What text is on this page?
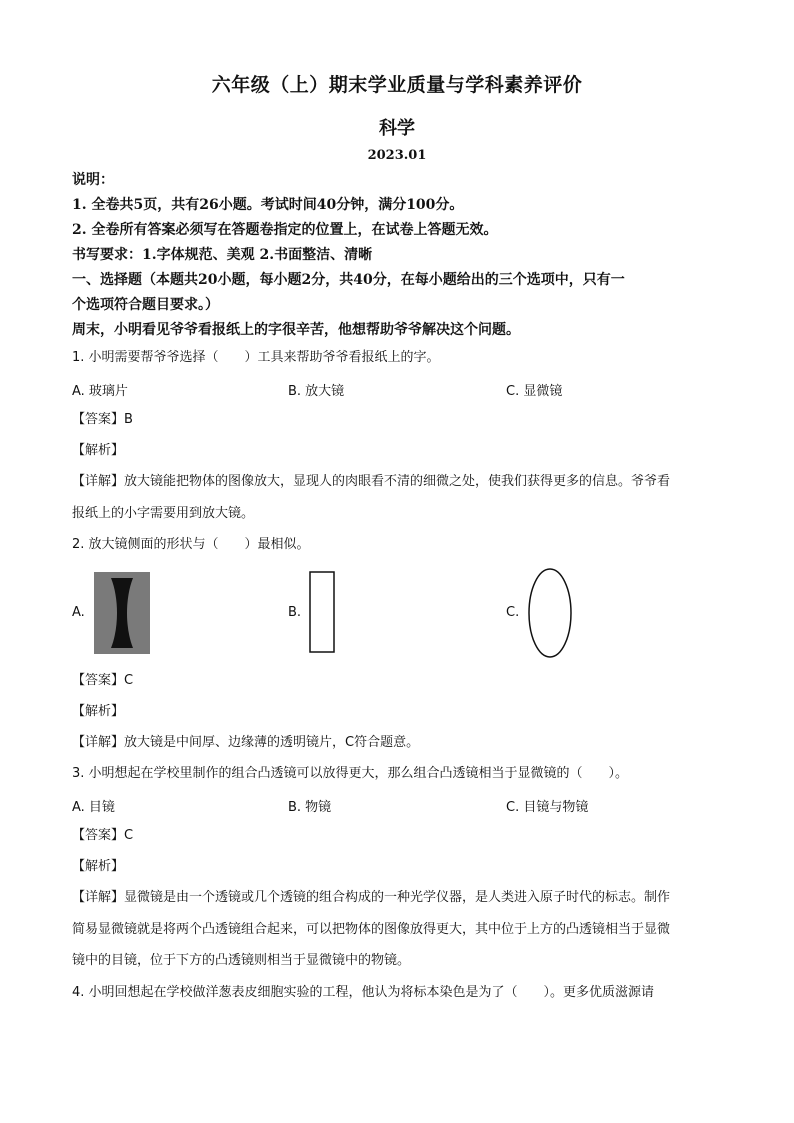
六年级（上）期末学业质量与学科素养评价
科学
2023.01
说明：
1. 全卷共5页，共有26小题。考试时间40分钟，满分100分。
2. 全卷所有答案必须写在答题卷指定的位置上，在试卷上答题无效。
书写要求：1.字体规范、美观 2.书面整洁、清晰
一、选择题（本题共20小题，每小题2分，共40分，在每小题给出的三个选项中，只有一
个选项符合题目要求。）
周末，小明看见爷爷看报纸上的字很辛苦，他想帮助爷爷解决这个问题。
1. 小明需要帮爷爷选择（　　）工具来帮助爷爷看报纸上的字。
A. 玻璃片	B. 放大镜	C. 显微镜
【答案】B
【解析】
【详解】放大镜能把物体的图像放大，显现人的肉眼看不清的细微之处，使我们获得更多的信息。爷爷看
报纸上的小字需要用到放大镜。
2. 放大镜侧面的形状与（　　）最相似。
A.	B.	C.
【答案】C
【解析】
【详解】放大镜是中间厚、边缘薄的透明镜片，C符合题意。
3. 小明想起在学校里制作的组合凸透镜可以放得更大，那么组合凸透镜相当于显微镜的（　　）。
A. 目镜	B. 物镜	C. 目镜与物镜
【答案】C
【解析】
【详解】显微镜是由一个透镜或几个透镜的组合构成的一种光学仪器，是人类进入原子时代的标志。制作
简易显微镜就是将两个凸透镜组合起来，可以把物体的图像放得更大，其中位于上方的凸透镜相当于显微
镜中的目镜，位于下方的凸透镜则相当于显微镜中的物镜。
4. 小明回想起在学校做洋葱表皮细胞实验的工程，他认为将标本染色是为了（　　）。更多优质滋源请
